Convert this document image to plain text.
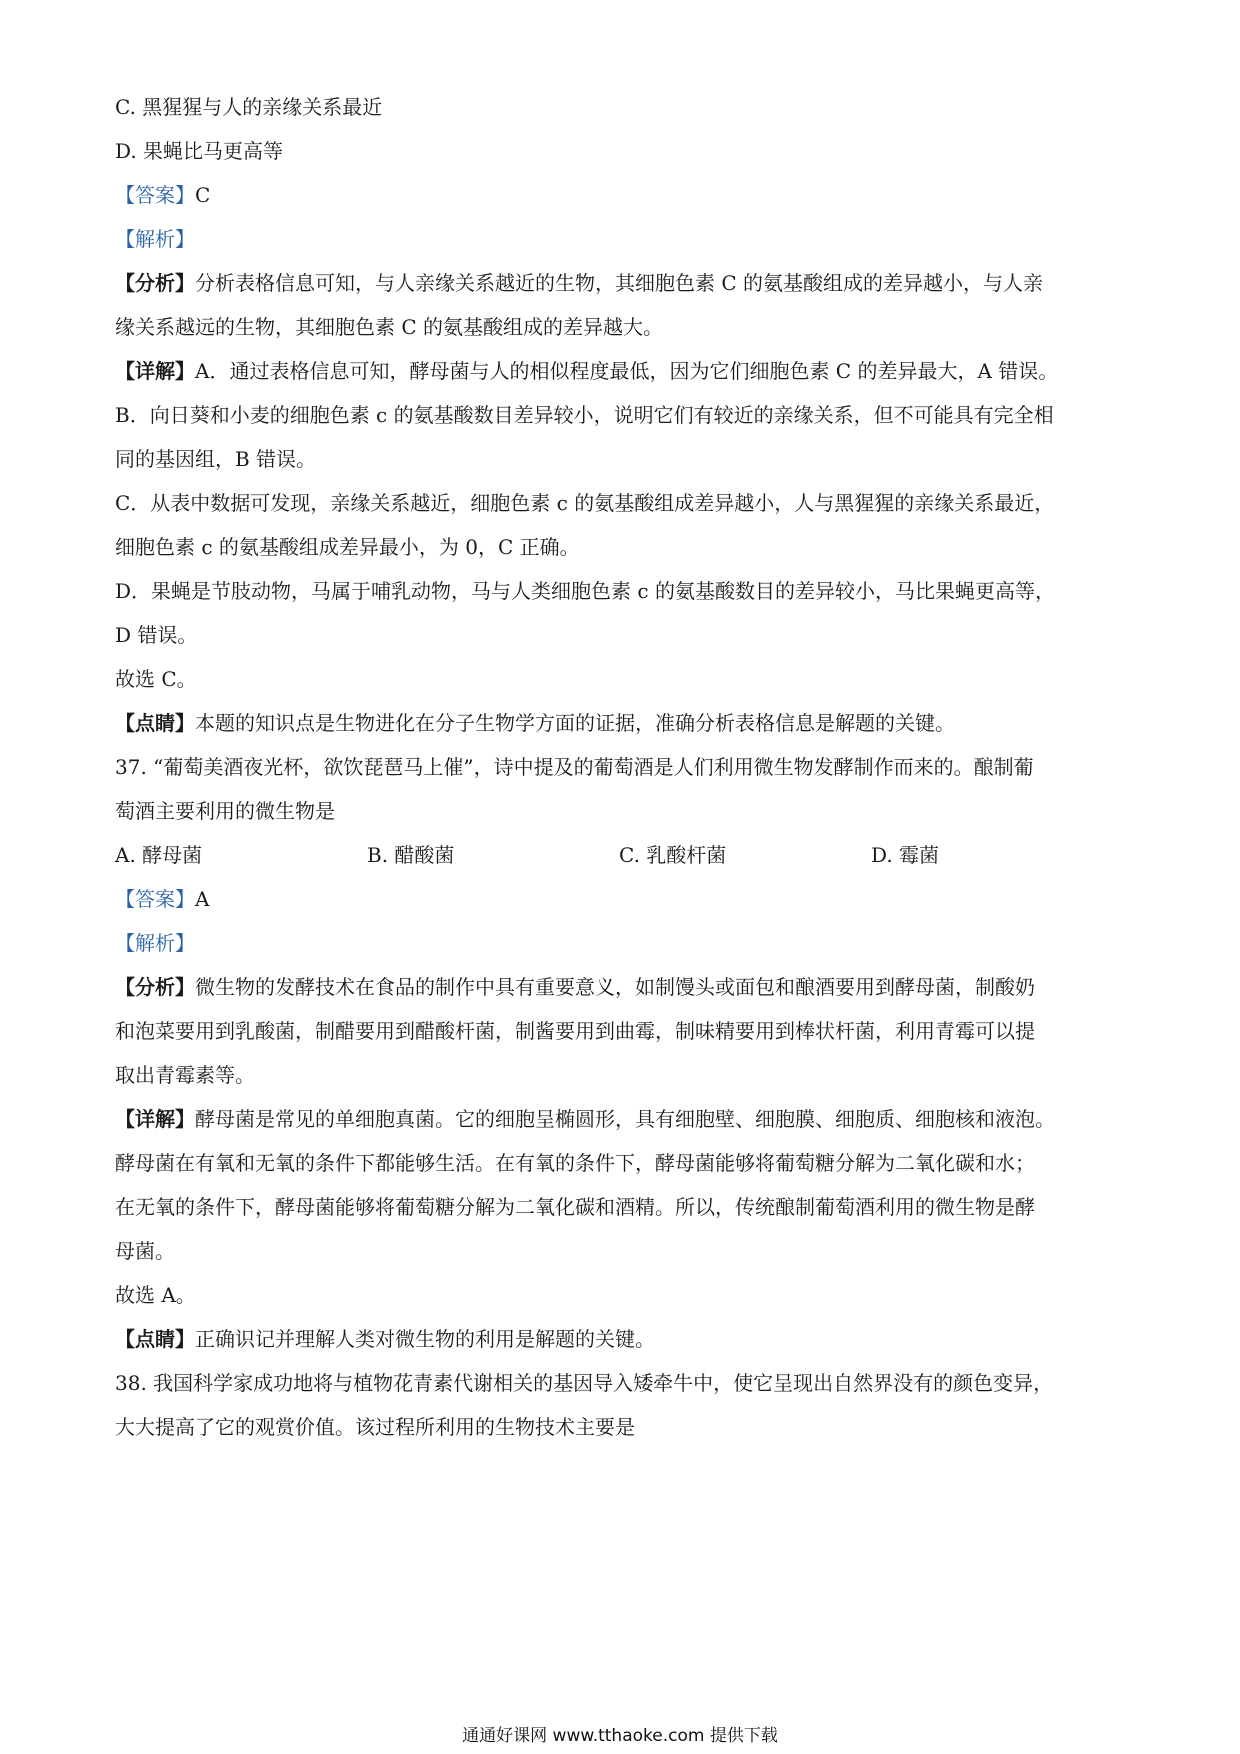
C. 黑猩猩与人的亲缘关系最近
D. 果蝇比马更高等
【答案】C
【解析】
【分析】分析表格信息可知，与人亲缘关系越近的生物，其细胞色素 C 的氨基酸组成的差异越小，与人亲
缘关系越远的生物，其细胞色素 C 的氨基酸组成的差异越大。
【详解】A．通过表格信息可知，酵母菌与人的相似程度最低，因为它们细胞色素 C 的差异最大，A 错误。
B．向日葵和小麦的细胞色素 c 的氨基酸数目差异较小，说明它们有较近的亲缘关系，但不可能具有完全相
同的基因组，B 错误。
C．从表中数据可发现，亲缘关系越近，细胞色素 c 的氨基酸组成差异越小，人与黑猩猩的亲缘关系最近，
细胞色素 c 的氨基酸组成差异最小，为 0，C 正确。
D．果蝇是节肢动物，马属于哺乳动物，马与人类细胞色素 c 的氨基酸数目的差异较小，马比果蝇更高等，
D 错误。
故选 C。
【点睛】本题的知识点是生物进化在分子生物学方面的证据，准确分析表格信息是解题的关键。
37. “葡萄美酒夜光杯，欲饮琵琶马上催”，诗中提及的葡萄酒是人们利用微生物发酵制作而来的。酿制葡
萄酒主要利用的微生物是
A. 酵母菌	B. 醋酸菌	C. 乳酸杆菌	D. 霉菌
【答案】A
【解析】
【分析】微生物的发酵技术在食品的制作中具有重要意义，如制馒头或面包和酿酒要用到酵母菌，制酸奶
和泡菜要用到乳酸菌，制醋要用到醋酸杆菌，制酱要用到曲霉，制味精要用到棒状杆菌，利用青霉可以提
取出青霉素等。
【详解】酵母菌是常见的单细胞真菌。它的细胞呈椭圆形，具有细胞壁、细胞膜、细胞质、细胞核和液泡。
酵母菌在有氧和无氧的条件下都能够生活。在有氧的条件下，酵母菌能够将葡萄糖分解为二氧化碳和水；
在无氧的条件下，酵母菌能够将葡萄糖分解为二氧化碳和酒精。所以，传统酿制葡萄酒利用的微生物是酵
母菌。
故选 A。
【点睛】正确识记并理解人类对微生物的利用是解题的关键。
38. 我国科学家成功地将与植物花青素代谢相关的基因导入矮牵牛中，使它呈现出自然界没有的颜色变异，
大大提高了它的观赏价值。该过程所利用的生物技术主要是
通通好课网 www.tthaoke.com 提供下载
